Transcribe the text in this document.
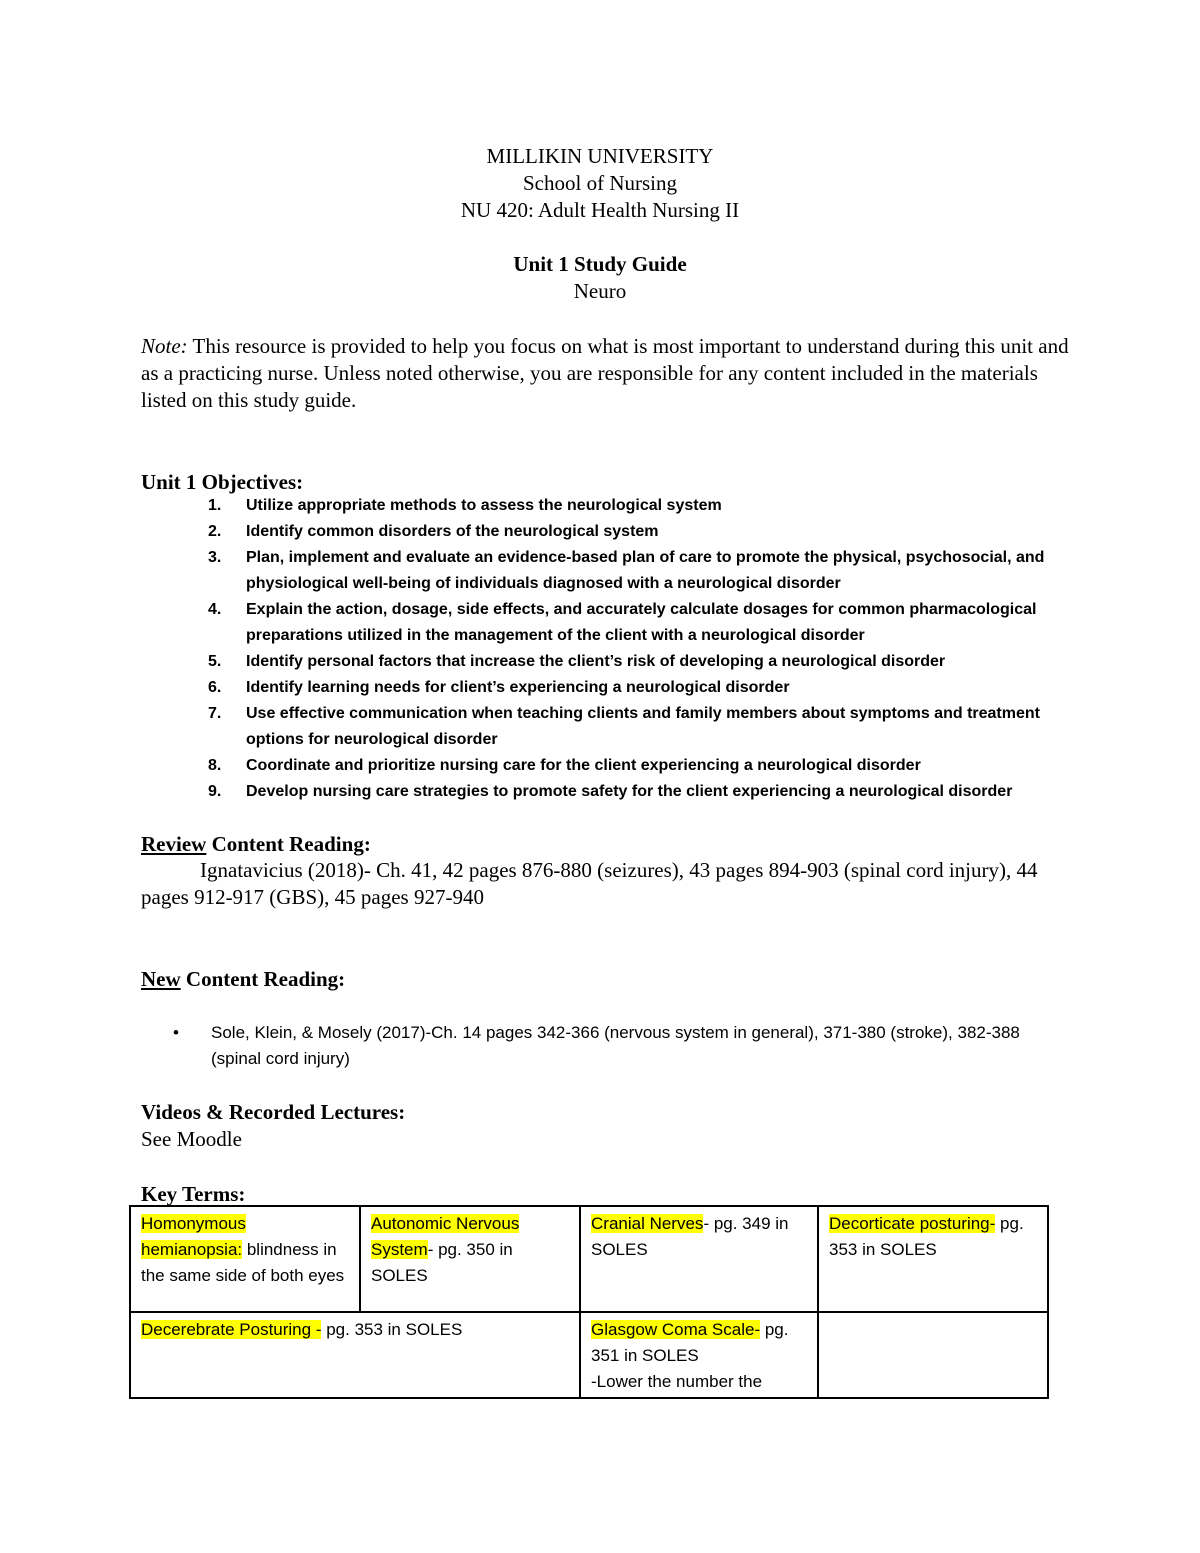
MILLIKIN UNIVERSITY
School of Nursing
NU 420: Adult Health Nursing II
Unit 1 Study Guide
Neuro
Note: This resource is provided to help you focus on what is most important to understand during this unit and as a practicing nurse. Unless noted otherwise, you are responsible for any content included in the materials listed on this study guide.
Unit 1 Objectives:
1. Utilize appropriate methods to assess the neurological system
2. Identify common disorders of the neurological system
3. Plan, implement and evaluate an evidence-based plan of care to promote the physical, psychosocial, and physiological well-being of individuals diagnosed with a neurological disorder
4. Explain the action, dosage, side effects, and accurately calculate dosages for common pharmacological preparations utilized in the management of the client with a neurological disorder
5. Identify personal factors that increase the client’s risk of developing a neurological disorder
6. Identify learning needs for client’s experiencing a neurological disorder
7. Use effective communication when teaching clients and family members about symptoms and treatment options for neurological disorder
8. Coordinate and prioritize nursing care for the client experiencing a neurological disorder
9. Develop nursing care strategies to promote safety for the client experiencing a neurological disorder
Review Content Reading:
Ignatavicius (2018)- Ch. 41, 42 pages 876-880 (seizures), 43 pages 894-903 (spinal cord injury), 44 pages 912-917 (GBS), 45 pages 927-940
New Content Reading:
• Sole, Klein, & Mosely (2017)-Ch. 14 pages 342-366 (nervous system in general), 371-380 (stroke), 382-388 (spinal cord injury)
Videos & Recorded Lectures:
See Moodle
Key Terms:
Homonymous hemianopsia: blindness in the same side of both eyes	Autonomic Nervous System- pg. 350 in SOLES	Cranial Nerves- pg. 349 in SOLES	Decorticate posturing- pg. 353 in SOLES
Decerebrate Posturing - pg. 353 in SOLES		Glasgow Coma Scale- pg. 351 in SOLES
-Lower the number the	
